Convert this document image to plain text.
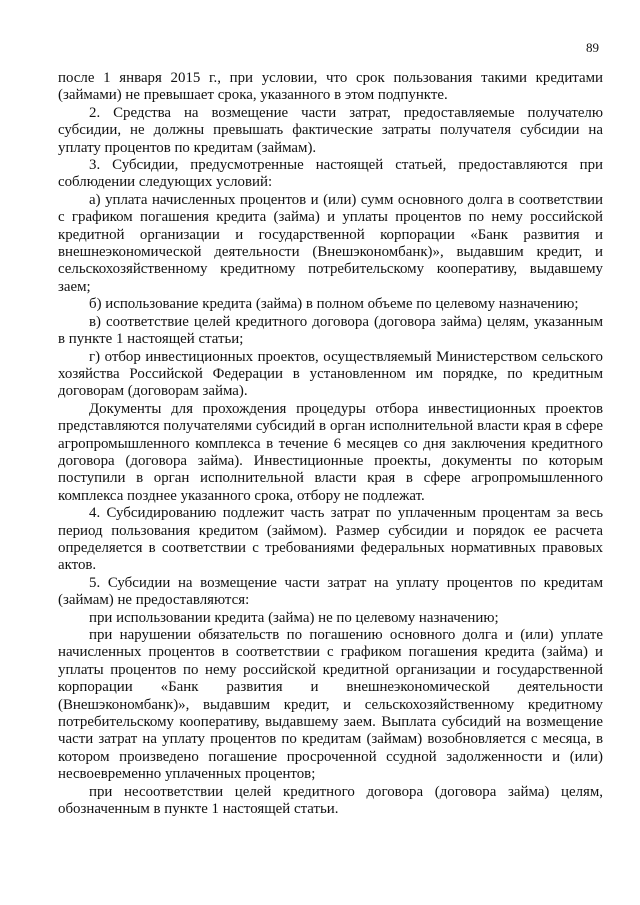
89

после 1 января 2015 г., при условии, что срок пользования такими кредитами (займами) не превышает срока, указанного в этом подпункте.

2. Средства на возмещение части затрат, предоставляемые получателю субсидии, не должны превышать фактические затраты получателя субсидии на уплату процентов по кредитам (займам).

3. Субсидии, предусмотренные настоящей статьей, предоставляются при соблюдении следующих условий:

а) уплата начисленных процентов и (или) сумм основного долга в соответствии с графиком погашения кредита (займа) и уплаты процентов по нему российской кредитной организации и государственной корпорации «Банк развития и внешнеэкономической деятельности (Внешэкономбанк)», выдавшим кредит, и сельскохозяйственному кредитному потребительскому кооперативу, выдавшему заем;

б) использование кредита (займа) в полном объеме по целевому назначению;

в) соответствие целей кредитного договора (договора займа) целям, указанным в пункте 1 настоящей статьи;

г) отбор инвестиционных проектов, осуществляемый Министерством сельского хозяйства Российской Федерации в установленном им порядке, по кредитным договорам (договорам займа).

Документы для прохождения процедуры отбора инвестиционных проектов представляются получателями субсидий в орган исполнительной власти края в сфере агропромышленного комплекса в течение 6 месяцев со дня заключения кредитного договора (договора займа). Инвестиционные проекты, документы по которым поступили в орган исполнительной власти края в сфере агропромышленного комплекса позднее указанного срока, отбору не подлежат.

4. Субсидированию подлежит часть затрат по уплаченным процентам за весь период пользования кредитом (займом). Размер субсидии и порядок ее расчета определяется в соответствии с требованиями федеральных нормативных правовых актов.

5. Субсидии на возмещение части затрат на уплату процентов по кредитам (займам) не предоставляются:

при использовании кредита (займа) не по целевому назначению;

при нарушении обязательств по погашению основного долга и (или) уплате начисленных процентов в соответствии с графиком погашения кредита (займа) и уплаты процентов по нему российской кредитной организации и государственной корпорации «Банк развития и внешнеэкономической деятельности (Внешэкономбанк)», выдавшим кредит, и сельскохозяйственному кредитному потребительскому кооперативу, выдавшему заем. Выплата субсидий на возмещение части затрат на уплату процентов по кредитам (займам) возобновляется с месяца, в котором произведено погашение просроченной ссудной задолженности и (или) несвоевременно уплаченных процентов;

при несоответствии целей кредитного договора (договора займа) целям, обозначенным в пункте 1 настоящей статьи.
